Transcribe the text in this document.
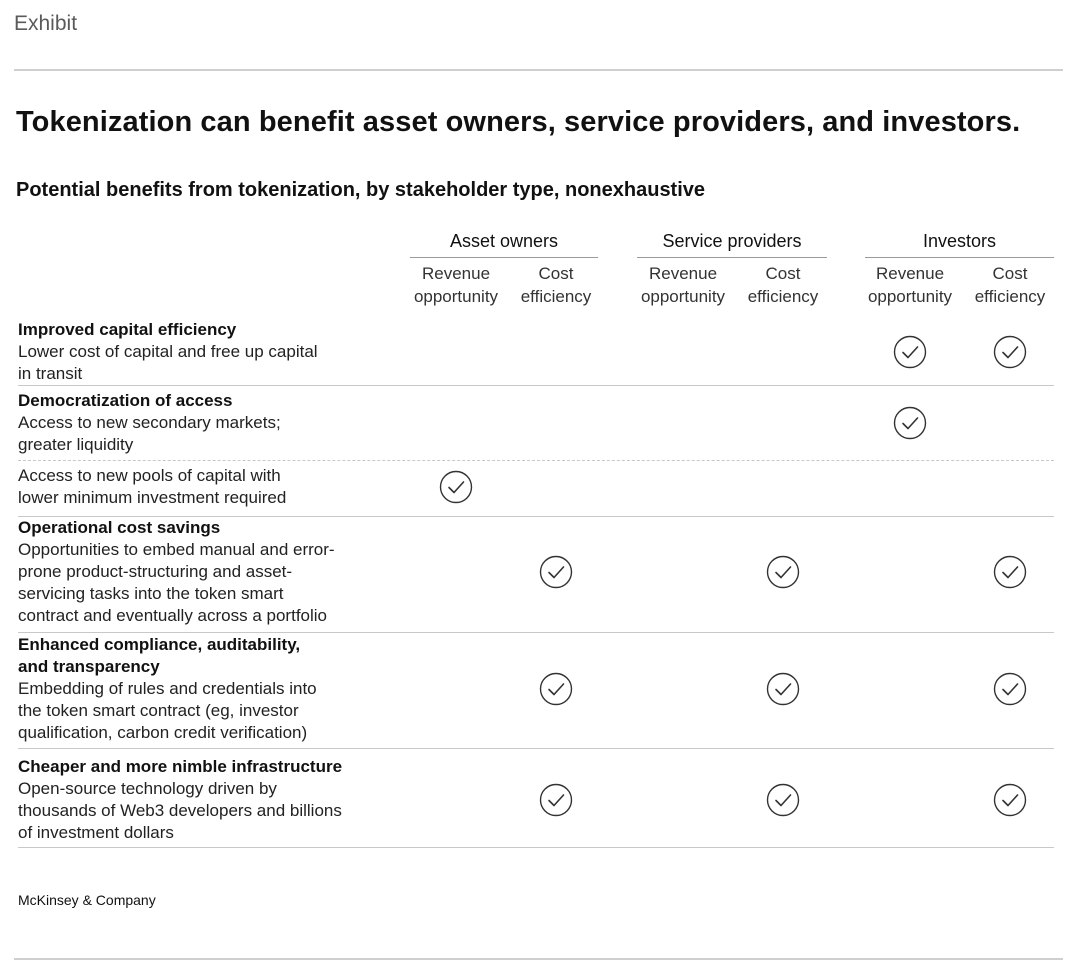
Exhibit
Tokenization can benefit asset owners, service providers, and investors.
Potential benefits from tokenization, by stakeholder type, nonexhaustive
Asset owners
Revenue opportunity
Cost efficiency
Service providers
Revenue opportunity
Cost efficiency
Investors
Revenue opportunity
Cost efficiency
Improved capital efficiency
Lower cost of capital and free up capital
in transit
Democratization of access
Access to new secondary markets;
greater liquidity
Access to new pools of capital with
lower minimum investment required
Operational cost savings
Opportunities to embed manual and error-
prone product-structuring and asset-
servicing tasks into the token smart
contract and eventually across a portfolio
Enhanced compliance, auditability,
and transparency
Embedding of rules and credentials into
the token smart contract (eg, investor
qualification, carbon credit verification)
Cheaper and more nimble infrastructure
Open-source technology driven by
thousands of Web3 developers and billions
of investment dollars
McKinsey & Company
